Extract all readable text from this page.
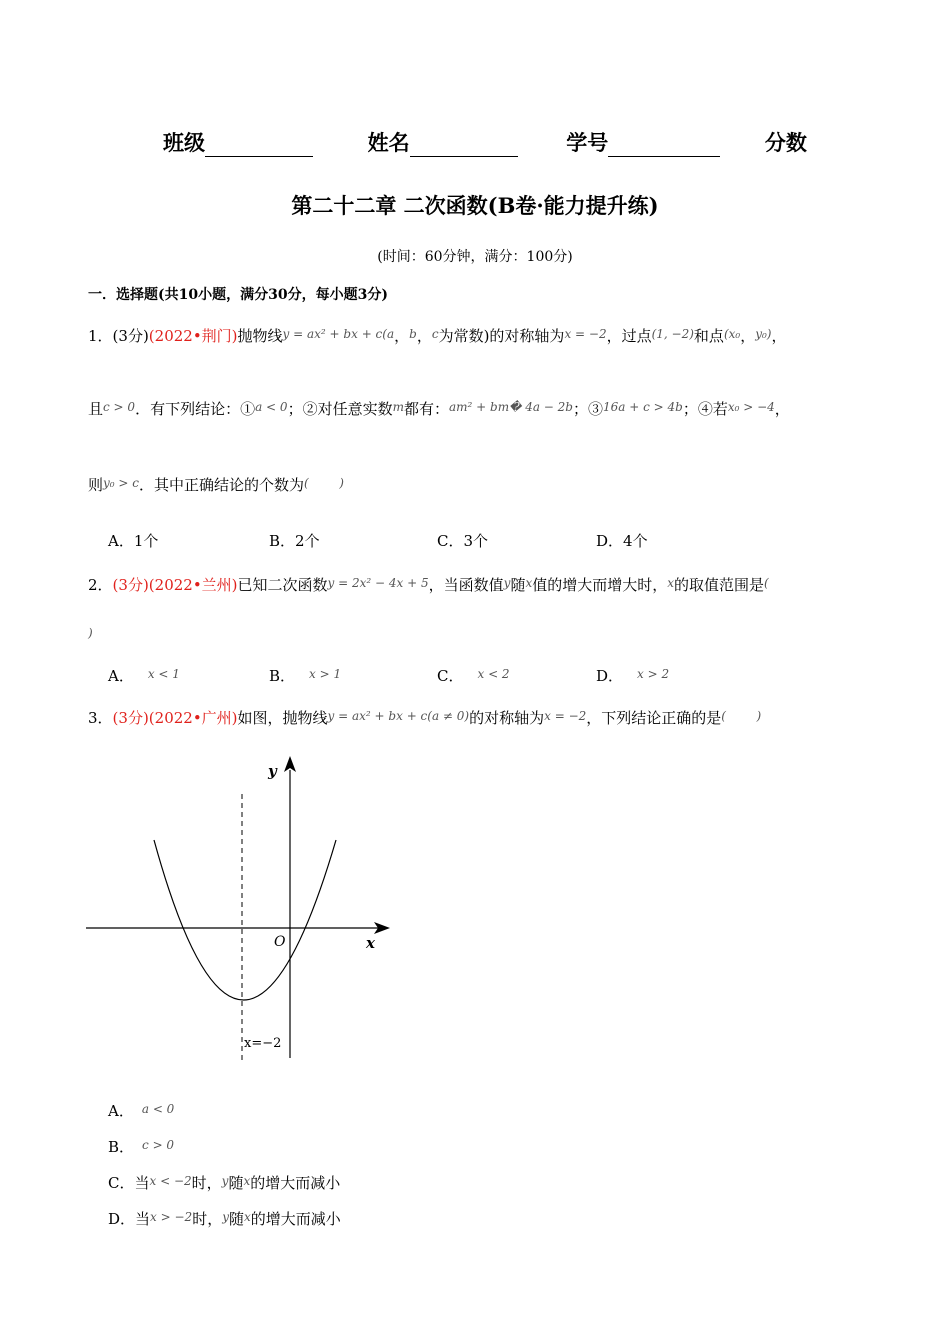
班级	姓名	学号	分数
第二十二章 二次函数(B卷·能力提升练)
(时间：60分钟，满分：100分)
一．选择题(共10小题，满分30分，每小题3分)
1．(3分)(2022•荆门)抛物线$^{y = ax^2 + bx + c(a}$，$^b$，$^c$为常数)的对称轴为$^{x = -2}$，过点$^{(1, -2)}$和点$^{(x_0}$，$^{y_0)}$，
且$^{c > 0}$．有下列结论：①$^{a < 0}$；②对任意实数$^m$都有：$^{am^2 + bm� 4a - 2b}$；③$^{16a + c > 4b}$；④若$^{x_0 > -4}$，
则$^{y_0 > c}$．其中正确结论的个数为(        )
A．1个	B．2个	C．3个	D．4个
2．(3分)(2022•兰州)已知二次函数$^{y = 2x^2 - 4x + 5}$，当函数值$^y$随$^x$值的增大而增大时，$^x$的取值范围是(
)
A． $^{x < 1}$	B． $^{x > 1}$	C． $^{x < 2}$	D． $^{x > 2}$
3．(3分)(2022•广州)如图，抛物线$^{y = ax^2 + bx + c(a \ne 0)}$的对称轴为$^{x = -2}$，下列结论正确的是(        )
y
x
O
x=−2
A． $^{a < 0}$
B． $^{c > 0}$
C．当$^{x < -2}$时，$^y$随$^x$的增大而减小
D．当$^{x > -2}$时，$^y$随$^x$的增大而减小
